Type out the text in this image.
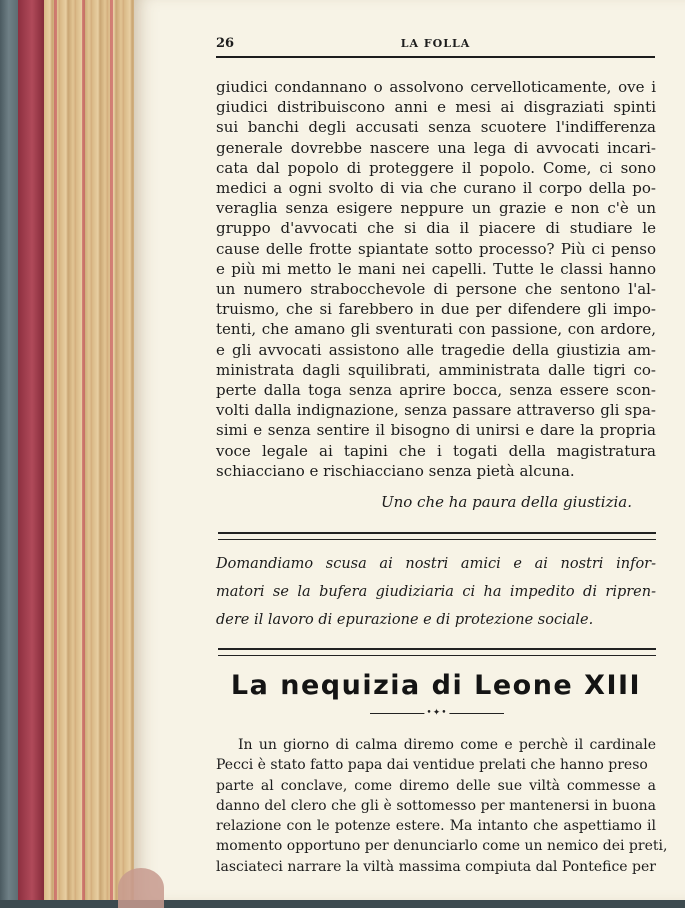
26	LA FOLLA
giudici condannano o assolvono cervelloticamente, ove i
giudici distribuiscono anni e mesi ai disgraziati spinti
sui banchi degli accusati senza scuotere l'indifferenza
generale dovrebbe nascere una lega di avvocati incari-
cata dal popolo di proteggere il popolo. Come, ci sono
medici a ogni svolto di via che curano il corpo della po-
veraglia senza esigere neppure un grazie e non c'è un
gruppo d'avvocati che si dia il piacere di studiare le
cause delle frotte spiantate sotto processo? Più ci penso
e più mi metto le mani nei capelli. Tutte le classi hanno
un numero strabocchevole di persone che sentono l'al-
truismo, che si farebbero in due per difendere gli impo-
tenti, che amano gli sventurati con passione, con ardore,
e gli avvocati assistono alle tragedie della giustizia am-
ministrata dagli squilibrati, amministrata dalle tigri co-
perte dalla toga senza aprire bocca, senza essere scon-
volti dalla indignazione, senza passare attraverso gli spa-
simi e senza sentire il bisogno di unirsi e dare la propria
voce legale ai tapini che i togati della magistratura
schiacciano e rischiacciano senza pietà alcuna.
Uno che ha paura della giustizia.
Domandiamo scusa ai nostri amici e ai nostri infor-
matori se la bufera giudiziaria ci ha impedito di ripren-
dere il lavoro di epurazione e di protezione sociale.
La nequizia di Leone XIII
•✦•
In un giorno di calma diremo come e perchè il cardinale
Pecci è stato fatto papa dai ventidue prelati che hanno preso
parte al conclave, come diremo delle sue viltà commesse a
danno del clero che gli è sottomesso per mantenersi in buona
relazione con le potenze estere. Ma intanto che aspettiamo il
momento opportuno per denunciarlo come un nemico dei preti,
lasciateci narrare la viltà massima compiuta dal Pontefice per
